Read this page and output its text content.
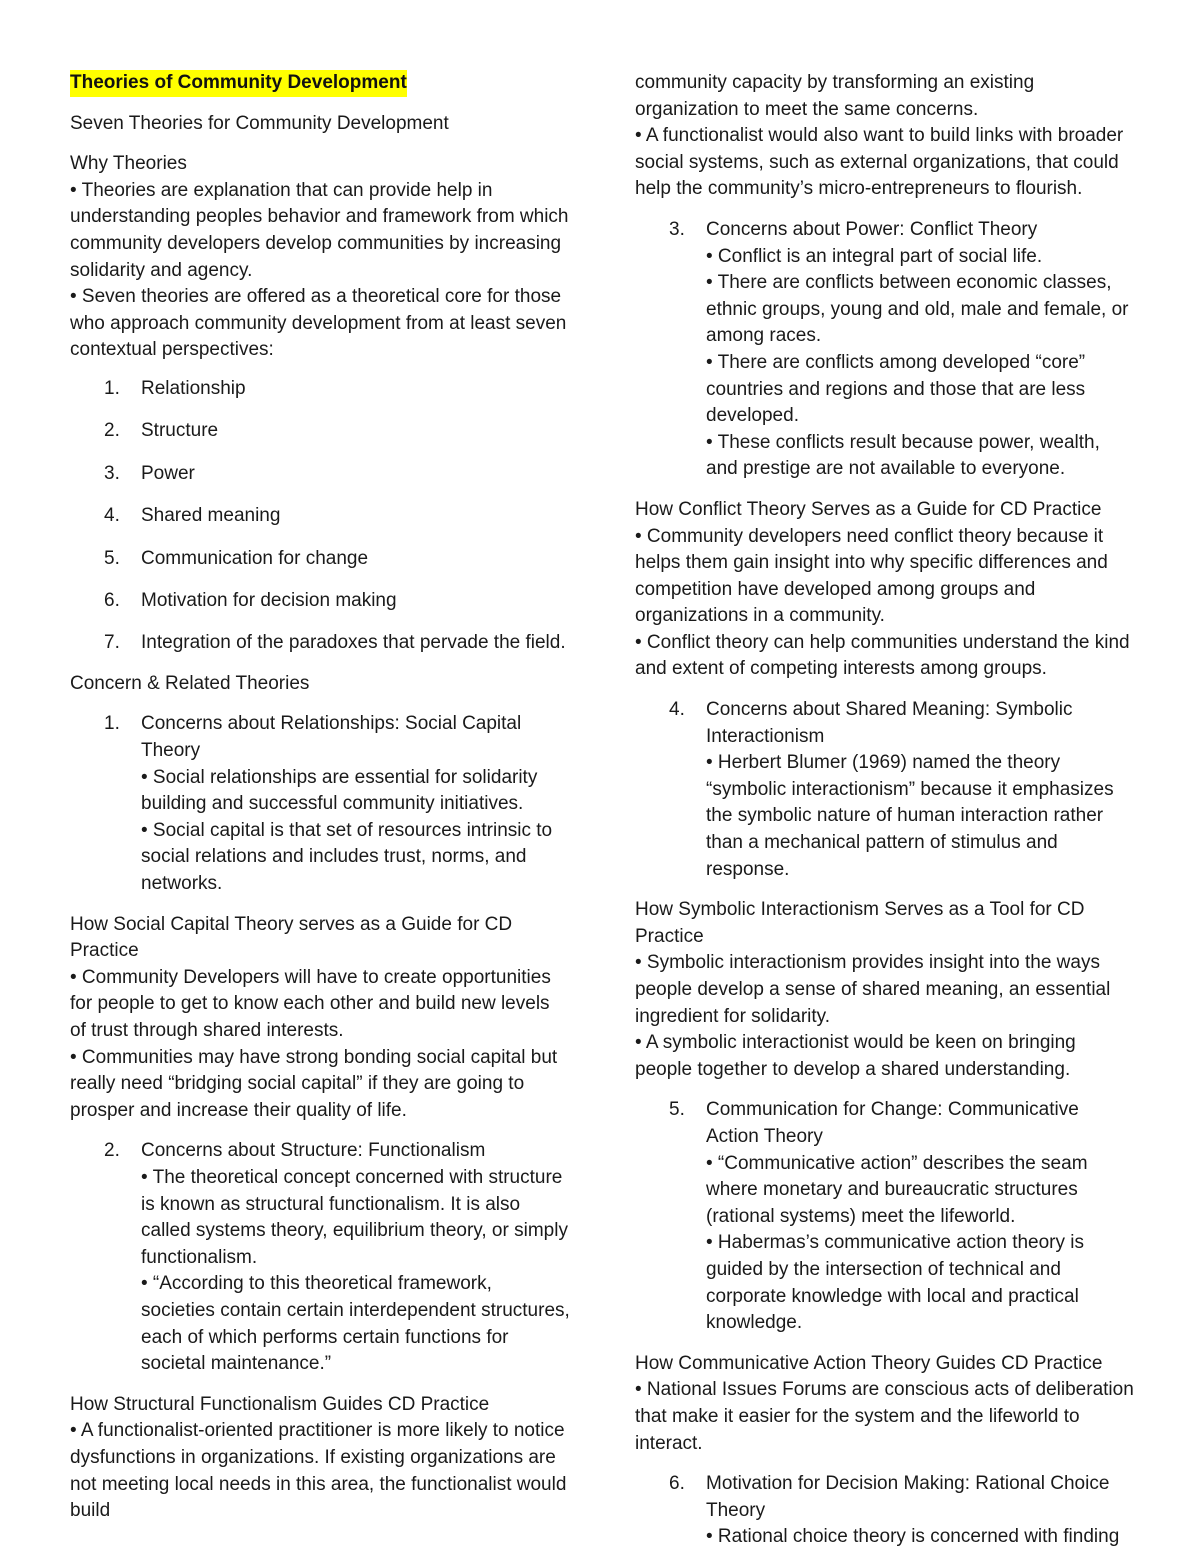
Theories of Community Development

Seven Theories for Community Development

Why Theories

• Theories are explanation that can provide help in understanding peoples behavior and framework from which community developers develop communities by increasing solidarity and agency.

• Seven theories are offered as a theoretical core for those who approach community development from at least seven contextual perspectives:

1. Relationship
2. Structure
3. Power
4. Shared meaning
5. Communication for change
6. Motivation for decision making
7. Integration of the paradoxes that pervade the field.

Concern & Related Theories

1. Concerns about Relationships: Social Capital Theory

• Social relationships are essential for solidarity building and successful community initiatives.

• Social capital is that set of resources intrinsic to social relations and includes trust, norms, and networks.

How Social Capital Theory serves as a Guide for CD Practice

• Community Developers will have to create opportunities for people to get to know each other and build new levels of trust through shared interests.

• Communities may have strong bonding social capital but really need “bridging social capital” if they are going to prosper and increase their quality of life.

2. Concerns about Structure: Functionalism

• The theoretical concept concerned with structure is known as structural functionalism. It is also called systems theory, equilibrium theory, or simply functionalism.

• “According to this theoretical framework, societies contain certain interdependent structures, each of which performs certain functions for societal maintenance.”

How Structural Functionalism Guides CD Practice

• A functionalist-oriented practitioner is more likely to notice dysfunctions in organizations. If existing organizations are not meeting local needs in this area, the functionalist would build

community capacity by transforming an existing organization to meet the same concerns.

• A functionalist would also want to build links with broader social systems, such as external organizations, that could help the community’s micro-entrepreneurs to flourish.

3. Concerns about Power: Conflict Theory

• Conflict is an integral part of social life.

• There are conflicts between economic classes, ethnic groups, young and old, male and female, or among races.

• There are conflicts among developed “core” countries and regions and those that are less developed.

• These conflicts result because power, wealth, and prestige are not available to everyone.

How Conflict Theory Serves as a Guide for CD Practice

• Community developers need conflict theory because it helps them gain insight into why specific differences and competition have developed among groups and organizations in a community.

• Conflict theory can help communities understand the kind and extent of competing interests among groups.

4. Concerns about Shared Meaning: Symbolic Interactionism

• Herbert Blumer (1969) named the theory “symbolic interactionism” because it emphasizes the symbolic nature of human interaction rather than a mechanical pattern of stimulus and response.

How Symbolic Interactionism Serves as a Tool for CD Practice

• Symbolic interactionism provides insight into the ways people develop a sense of shared meaning, an essential ingredient for solidarity.

• A symbolic interactionist would be keen on bringing people together to develop a shared understanding.

5. Communication for Change: Communicative Action Theory

• “Communicative action” describes the seam where monetary and bureaucratic structures (rational systems) meet the lifeworld.

• Habermas’s communicative action theory is guided by the intersection of technical and corporate knowledge with local and practical knowledge.

How Communicative Action Theory Guides CD Practice

• National Issues Forums are conscious acts of deliberation that make it easier for the system and the lifeworld to interact.

6. Motivation for Decision Making: Rational Choice Theory

• Rational choice theory is concerned with finding
